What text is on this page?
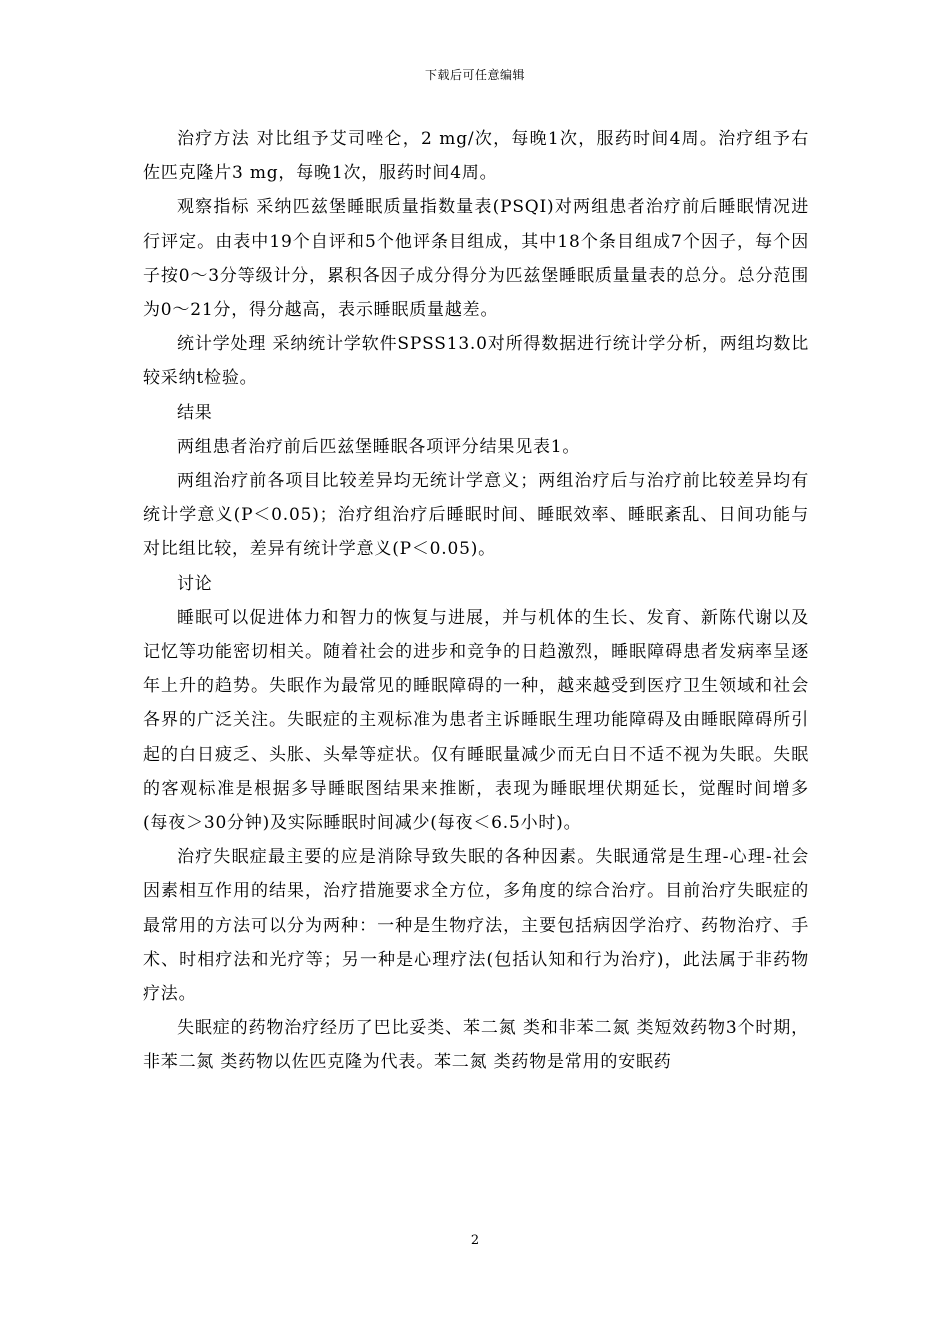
下载后可任意编辑

治疗方法 对比组予艾司唑仑，2 mg/次，每晚1次，服药时间4周。治疗组予右佐匹克隆片3 mg，每晚1次，服药时间4周。

观察指标 采纳匹兹堡睡眠质量指数量表(PSQI)对两组患者治疗前后睡眠情况进行评定。由表中19个自评和5个他评条目组成，其中18个条目组成7个因子，每个因子按0～3分等级计分，累积各因子成分得分为匹兹堡睡眠质量量表的总分。总分范围为0～21分，得分越高，表示睡眠质量越差。

统计学处理 采纳统计学软件SPSS13.0对所得数据进行统计学分析，两组均数比较采纳t检验。

结果

两组患者治疗前后匹兹堡睡眠各项评分结果见表1。

两组治疗前各项目比较差异均无统计学意义；两组治疗后与治疗前比较差异均有统计学意义(P＜0.05)；治疗组治疗后睡眠时间、睡眠效率、睡眠紊乱、日间功能与对比组比较，差异有统计学意义(P＜0.05)。

讨论

睡眠可以促进体力和智力的恢复与进展，并与机体的生长、发育、新陈代谢以及记忆等功能密切相关。随着社会的进步和竞争的日趋激烈，睡眠障碍患者发病率呈逐年上升的趋势。失眠作为最常见的睡眠障碍的一种，越来越受到医疗卫生领域和社会各界的广泛关注。失眠症的主观标准为患者主诉睡眠生理功能障碍及由睡眠障碍所引起的白日疲乏、头胀、头晕等症状。仅有睡眠量减少而无白日不适不视为失眠。失眠的客观标准是根据多导睡眠图结果来推断，表现为睡眠埋伏期延长，觉醒时间增多(每夜＞30分钟)及实际睡眠时间减少(每夜＜6.5小时)。

治疗失眠症最主要的应是消除导致失眠的各种因素。失眠通常是生理-心理-社会因素相互作用的结果，治疗措施要求全方位，多角度的综合治疗。目前治疗失眠症的最常用的方法可以分为两种：一种是生物疗法，主要包括病因学治疗、药物治疗、手术、时相疗法和光疗等；另一种是心理疗法(包括认知和行为治疗)，此法属于非药物疗法。

失眠症的药物治疗经历了巴比妥类、苯二氮 类和非苯二氮 类短效药物3个时期，非苯二氮 类药物以佐匹克隆为代表。苯二氮 类药物是常用的安眠药

2
